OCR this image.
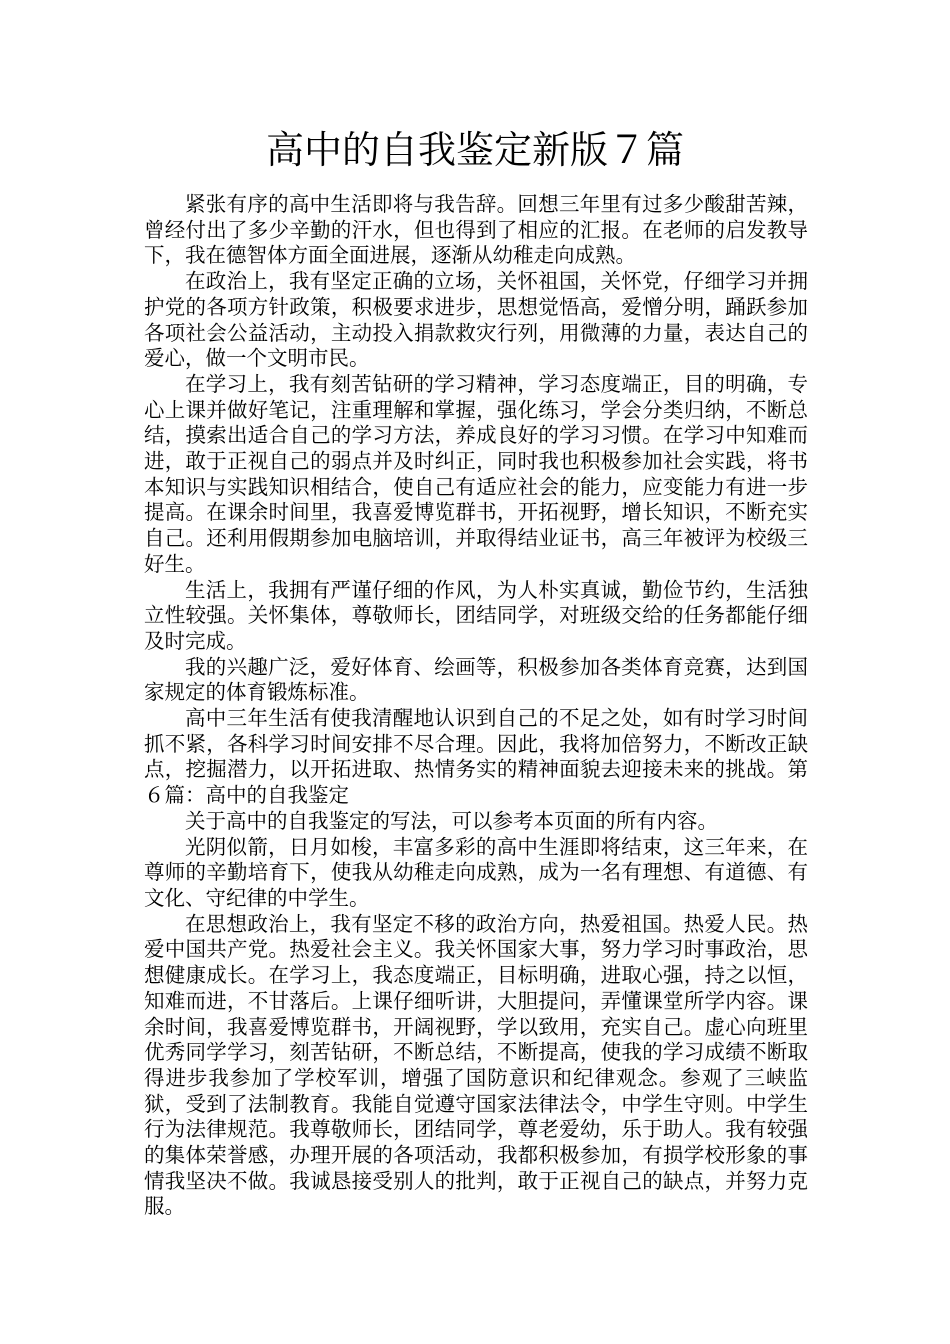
高中的自我鉴定新版７篇

紧张有序的高中生活即将与我告辞。回想三年里有过多少酸甜苦辣，曾经付出了多少辛勤的汗水，但也得到了相应的汇报。在老师的启发教导下，我在德智体方面全面进展，逐渐从幼稚走向成熟。

在政治上，我有坚定正确的立场，关怀祖国，关怀党，仔细学习并拥护党的各项方针政策，积极要求进步，思想觉悟高，爱憎分明，踊跃参加各项社会公益活动，主动投入捐款救灾行列，用微薄的力量，表达自己的爱心，做一个文明市民。

在学习上，我有刻苦钻研的学习精神，学习态度端正，目的明确，专心上课并做好笔记，注重理解和掌握，强化练习，学会分类归纳，不断总结，摸索出适合自己的学习方法，养成良好的学习习惯。在学习中知难而进，敢于正视自己的弱点并及时纠正，同时我也积极参加社会实践，将书本知识与实践知识相结合，使自己有适应社会的能力，应变能力有进一步提高。在课余时间里，我喜爱博览群书，开拓视野，增长知识，不断充实自己。还利用假期参加电脑培训，并取得结业证书，高三年被评为校级三好生。

生活上，我拥有严谨仔细的作风，为人朴实真诚，勤俭节约，生活独立性较强。关怀集体，尊敬师长，团结同学，对班级交给的任务都能仔细及时完成。

我的兴趣广泛，爱好体育、绘画等，积极参加各类体育竞赛，达到国家规定的体育锻炼标准。

高中三年生活有使我清醒地认识到自己的不足之处，如有时学习时间抓不紧，各科学习时间安排不尽合理。因此，我将加倍努力，不断改正缺点，挖掘潜力，以开拓进取、热情务实的精神面貌去迎接未来的挑战。第６篇：高中的自我鉴定

关于高中的自我鉴定的写法，可以参考本页面的所有内容。

光阴似箭，日月如梭，丰富多彩的高中生涯即将结束，这三年来，在尊师的辛勤培育下，使我从幼稚走向成熟，成为一名有理想、有道德、有文化、守纪律的中学生。

在思想政治上，我有坚定不移的政治方向，热爱祖国。热爱人民。热爱中国共产党。热爱社会主义。我关怀国家大事，努力学习时事政治，思想健康成长。在学习上，我态度端正，目标明确，进取心强，持之以恒，知难而进，不甘落后。上课仔细听讲，大胆提问，弄懂课堂所学内容。课余时间，我喜爱博览群书，开阔视野，学以致用，充实自己。虚心向班里优秀同学学习，刻苦钻研，不断总结，不断提高，使我的学习成绩不断取得进步我参加了学校军训，增强了国防意识和纪律观念。参观了三峡监狱，受到了法制教育。我能自觉遵守国家法律法令，中学生守则。中学生行为法律规范。我尊敬师长，团结同学，尊老爱幼，乐于助人。我有较强的集体荣誉感，办理开展的各项活动，我都积极参加，有损学校形象的事情我坚决不做。我诚恳接受别人的批判，敢于正视自己的缺点，并努力克服。
